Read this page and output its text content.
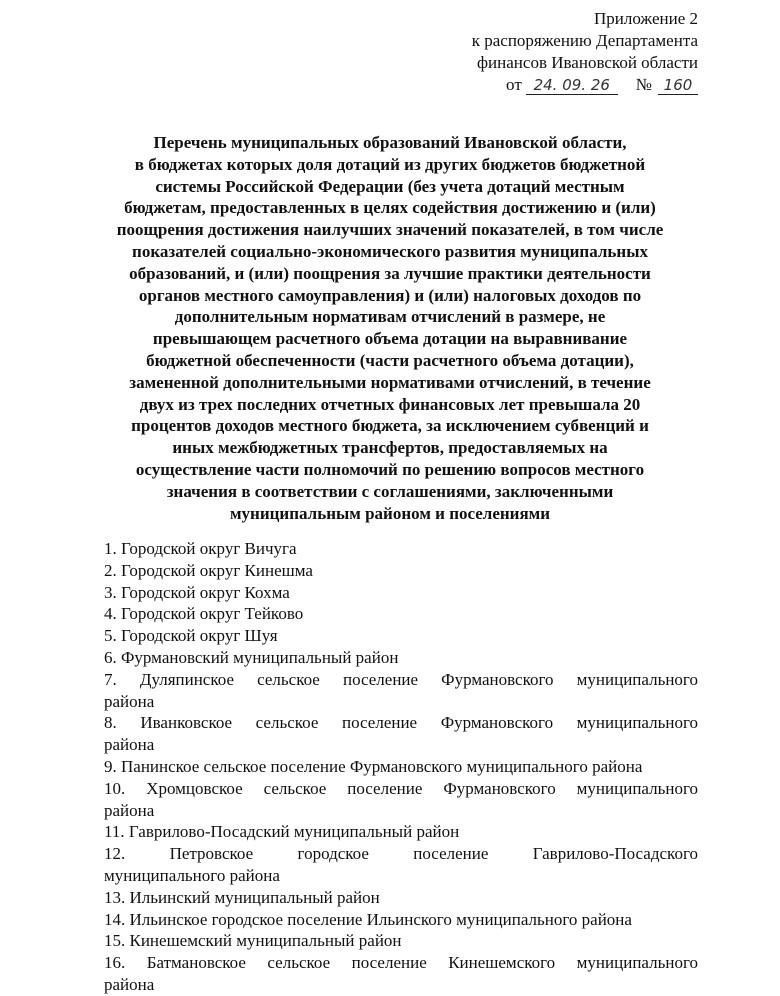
Приложение 2
к распоряжению Департамента
финансов Ивановской области
от 24. 09. 26 № 160
Перечень муниципальных образований Ивановской области,
в бюджетах которых доля дотаций из других бюджетов бюджетной
системы Российской Федерации (без учета дотаций местным
бюджетам, предоставленных в целях содействия достижению и (или)
поощрения достижения наилучших значений показателей, в том числе
показателей социально-экономического развития муниципальных
образований, и (или) поощрения за лучшие практики деятельности
органов местного самоуправления) и (или) налоговых доходов по
дополнительным нормативам отчислений в размере, не
превышающем расчетного объема дотации на выравнивание
бюджетной обеспеченности (части расчетного объема дотации),
замененной дополнительными нормативами отчислений, в течение
двух из трех последних отчетных финансовых лет превышала 20
процентов доходов местного бюджета, за исключением субвенций и
иных межбюджетных трансфертов, предоставляемых на
осуществление части полномочий по решению вопросов местного
значения в соответствии с соглашениями, заключенными
муниципальным районом и поселениями
1. Городской округ Вичуга
2. Городской округ Кинешма
3. Городской округ Кохма
4. Городской округ Тейково
5. Городской округ Шуя
6. Фурмановский муниципальный район
7. Дуляпинское сельское поселение Фурмановского муниципального
района
8. Иванковское сельское поселение Фурмановского муниципального
района
9. Панинское сельское поселение Фурмановского муниципального района
10. Хромцовское сельское поселение Фурмановского муниципального
района
11. Гаврилово-Посадский муниципальный район
12. Петровское городское поселение Гаврилово-Посадского
муниципального района
13. Ильинский муниципальный район
14. Ильинское городское поселение Ильинского муниципального района
15. Кинешемский муниципальный район
16. Батмановское сельское поселение Кинешемского муниципального
района
